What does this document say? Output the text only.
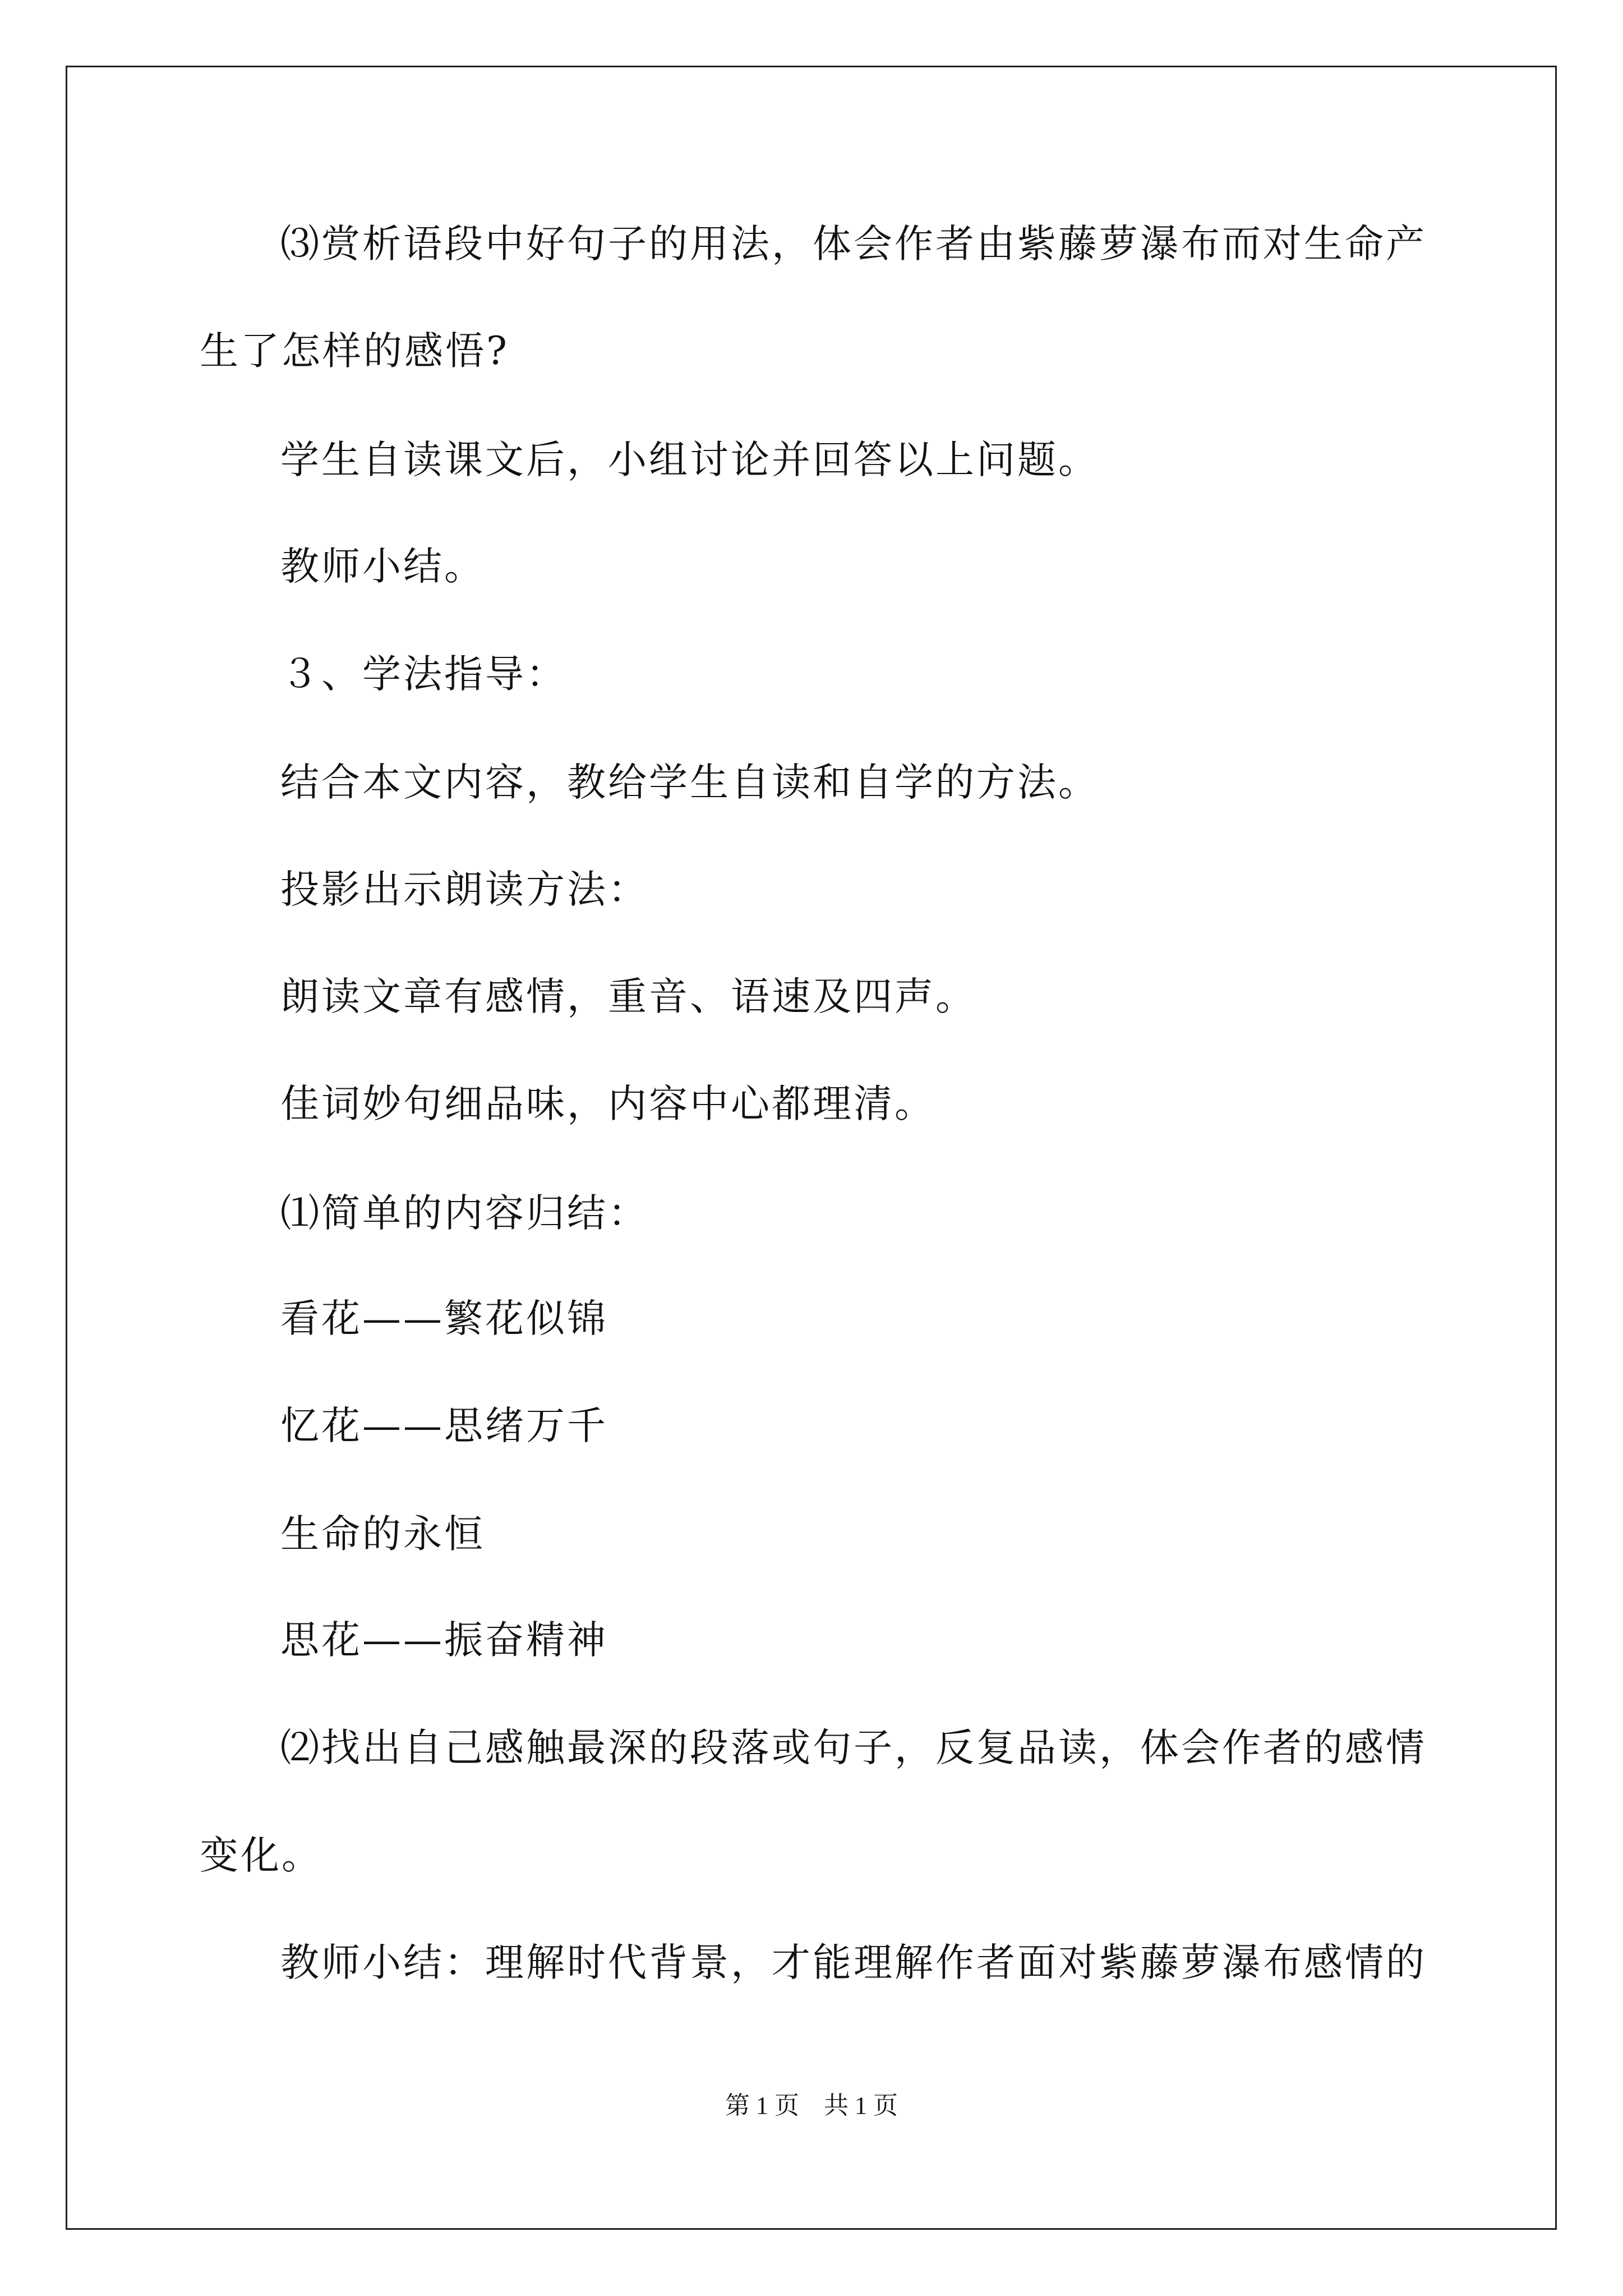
⑶赏析语段中好句子的用法，体会作者由紫藤萝瀑布而对生命产
生了怎样的感悟?
学生自读课文后，小组讨论并回答以上问题。
教师小结。
３、学法指导：
结合本文内容，教给学生自读和自学的方法。
投影出示朗读方法：
朗读文章有感情，重音、语速及四声。
佳词妙句细品味，内容中心都理清。
⑴简单的内容归结：
看花——繁花似锦
忆花——思绪万千
生命的永恒
思花——振奋精神
⑵找出自己感触最深的段落或句子，反复品读，体会作者的感情
变化。
教师小结：理解时代背景，才能理解作者面对紫藤萝瀑布感情的
第 1 页　共 1 页
